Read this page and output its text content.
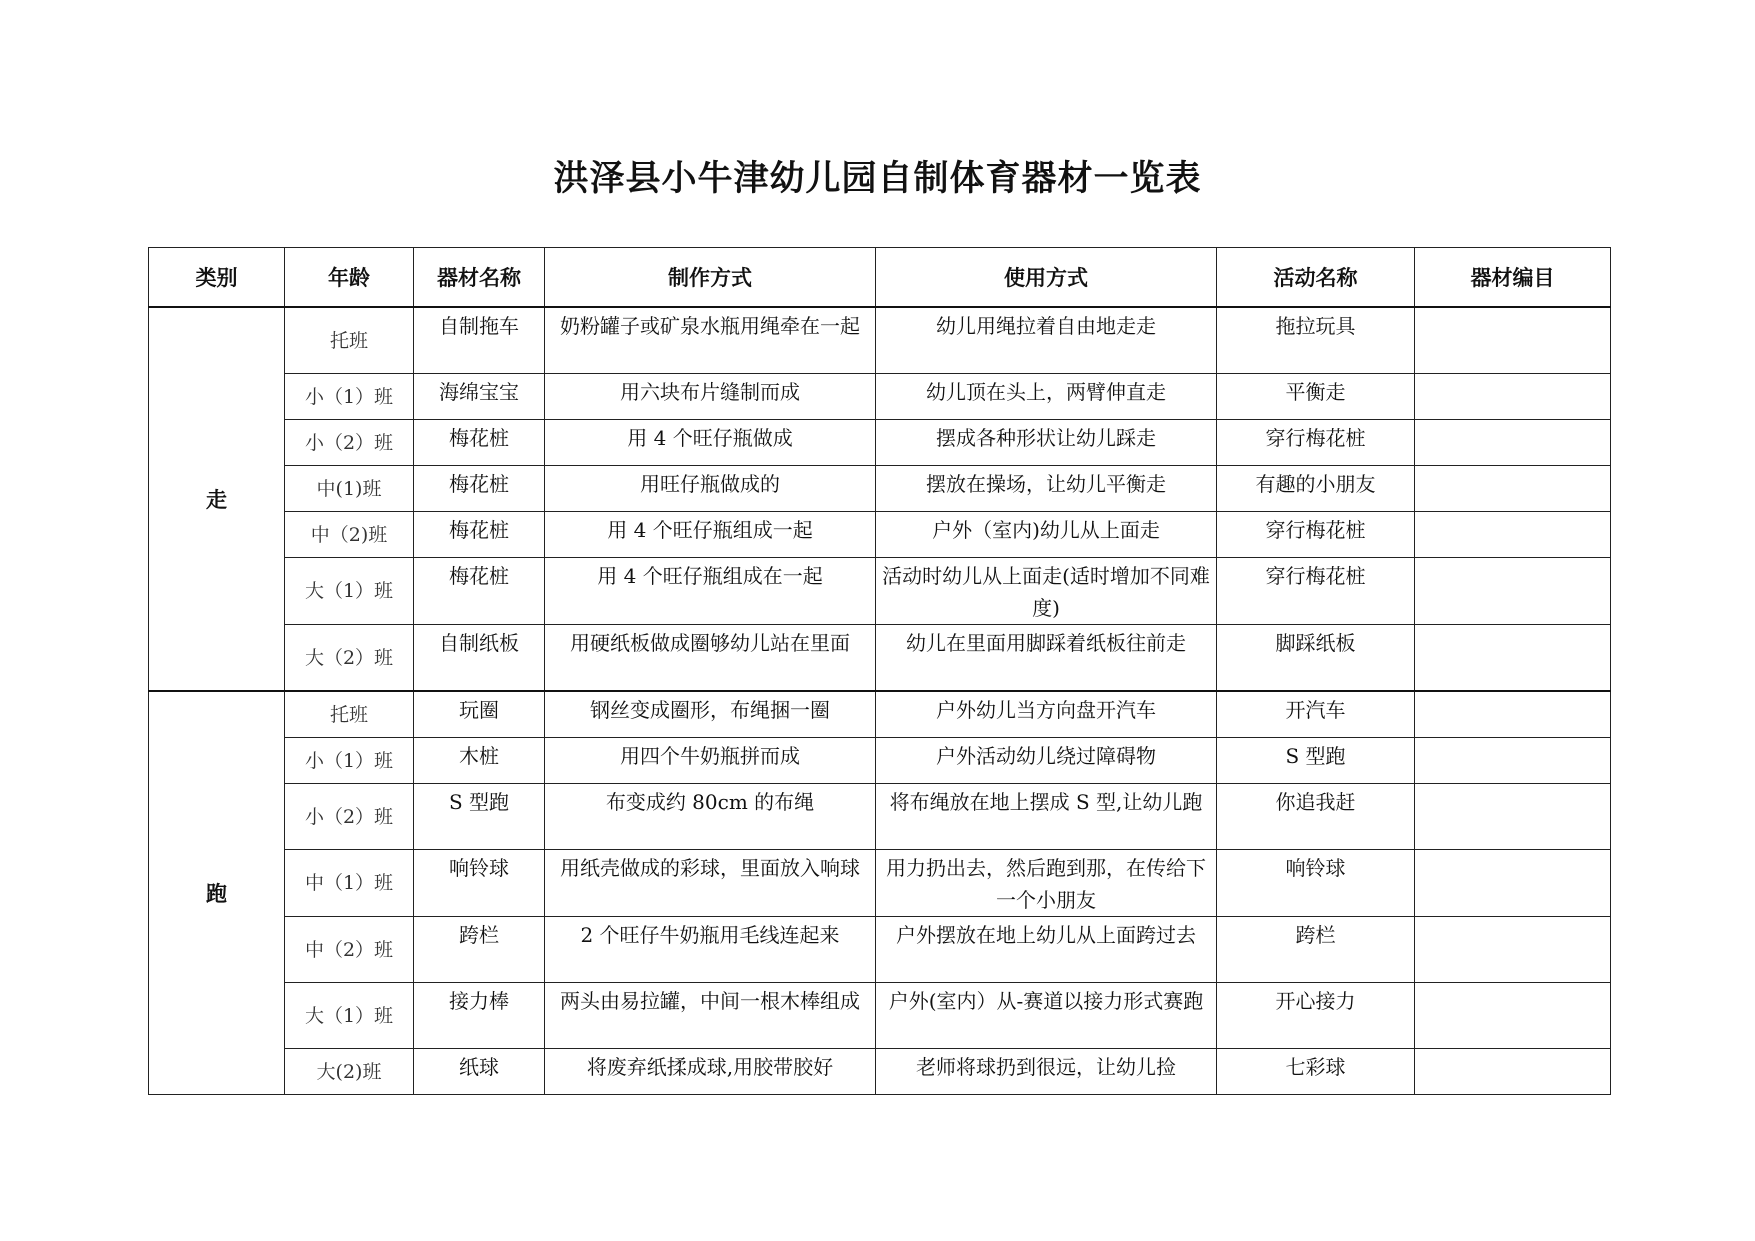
洪泽县小牛津幼儿园自制体育器材一览表
类别	年龄	器材名称	制作方式	使用方式	活动名称	器材编目
走	托班	自制拖车	奶粉罐子或矿泉水瓶用绳牵在一起	幼儿用绳拉着自由地走走	拖拉玩具	
	小（1）班	海绵宝宝	用六块布片缝制而成	幼儿顶在头上，两臂伸直走	平衡走	
	小（2）班	梅花桩	用 4 个旺仔瓶做成	摆成各种形状让幼儿踩走	穿行梅花桩	
	中(1)班	梅花桩	用旺仔瓶做成的	摆放在操场，让幼儿平衡走	有趣的小朋友	
	中（2)班	梅花桩	用 4 个旺仔瓶组成一起	户外（室内)幼儿从上面走	穿行梅花桩	
	大（1）班	梅花桩	用 4 个旺仔瓶组成在一起	活动时幼儿从上面走(适时增加不同难度)	穿行梅花桩	
	大（2）班	自制纸板	用硬纸板做成圈够幼儿站在里面	幼儿在里面用脚踩着纸板往前走	脚踩纸板	
跑	托班	玩圈	钢丝变成圈形，布绳捆一圈	户外幼儿当方向盘开汽车	开汽车	
	小（1）班	木桩	用四个牛奶瓶拼而成	户外活动幼儿绕过障碍物	S 型跑	
	小（2）班	S 型跑	布变成约 80cm 的布绳	将布绳放在地上摆成 S 型,让幼儿跑	你追我赶	
	中（1）班	响铃球	用纸壳做成的彩球，里面放入响球	用力扔出去，然后跑到那，在传给下一个小朋友	响铃球	
	中（2）班	跨栏	2 个旺仔牛奶瓶用毛线连起来	户外摆放在地上幼儿从上面跨过去	跨栏	
	大（1）班	接力棒	两头由易拉罐，中间一根木棒组成	户外(室内）从-赛道以接力形式赛跑	开心接力	
	大(2)班	纸球	将废弃纸揉成球,用胶带胶好	老师将球扔到很远，让幼儿捡	七彩球	
